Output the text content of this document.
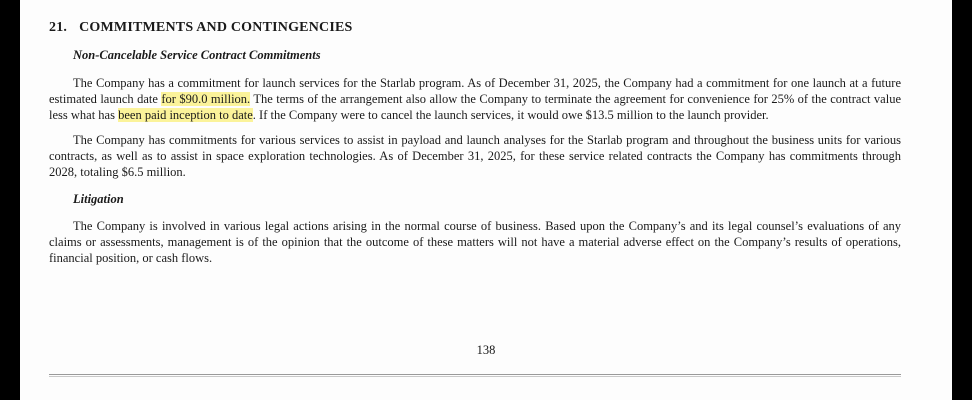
21. COMMITMENTS AND CONTINGENCIES
Non-Cancelable Service Contract Commitments

The Company has a commitment for launch services for the Starlab program. As of December 31, 2025, the Company had a commitment for one launch at a future estimated launch date for $90.0 million. The terms of the arrangement also allow the Company to terminate the agreement for convenience for 25% of the contract value less what has been paid inception to date. If the Company were to cancel the launch services, it would owe $13.5 million to the launch provider.

The Company has commitments for various services to assist in payload and launch analyses for the Starlab program and throughout the business units for various contracts, as well as to assist in space exploration technologies. As of December 31, 2025, for these service related contracts the Company has commitments through 2028, totaling $6.5 million.

Litigation

The Company is involved in various legal actions arising in the normal course of business. Based upon the Company’s and its legal counsel’s evaluations of any claims or assessments, management is of the opinion that the outcome of these matters will not have a material adverse effect on the Company’s results of operations, financial position, or cash flows.

138
